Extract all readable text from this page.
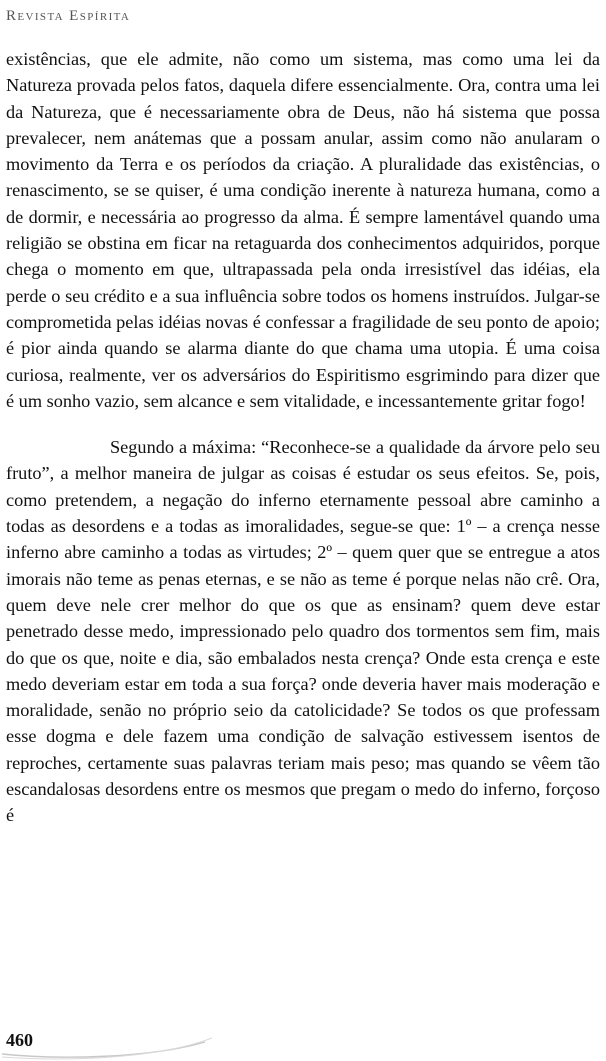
Revista Espírita

existências, que ele admite, não como um sistema, mas como uma lei da Natureza provada pelos fatos, daquela difere essencialmente. Ora, contra uma lei da Natureza, que é necessariamente obra de Deus, não há sistema que possa prevalecer, nem anátemas que a possam anular, assim como não anularam o movimento da Terra e os períodos da criação. A pluralidade das existências, o renascimento, se se quiser, é uma condição inerente à natureza humana, como a de dormir, e necessária ao progresso da alma. É sempre lamentável quando uma religião se obstina em ficar na retaguarda dos conhecimentos adquiridos, porque chega o momento em que, ultrapassada pela onda irresistível das idéias, ela perde o seu crédito e a sua influência sobre todos os homens instruídos. Julgar-se comprometida pelas idéias novas é confessar a fragilidade de seu ponto de apoio; é pior ainda quando se alarma diante do que chama uma utopia. É uma coisa curiosa, realmente, ver os adversários do Espiritismo esgrimindo para dizer que é um sonho vazio, sem alcance e sem vitalidade, e incessantemente gritar fogo!

Segundo a máxima: “Reconhece-se a qualidade da árvore pelo seu fruto”, a melhor maneira de julgar as coisas é estudar os seus efeitos. Se, pois, como pretendem, a negação do inferno eternamente pessoal abre caminho a todas as desordens e a todas as imoralidades, segue-se que: 1º – a crença nesse inferno abre caminho a todas as virtudes; 2º – quem quer que se entregue a atos imorais não teme as penas eternas, e se não as teme é porque nelas não crê. Ora, quem deve nele crer melhor do que os que as ensinam? quem deve estar penetrado desse medo, impressionado pelo quadro dos tormentos sem fim, mais do que os que, noite e dia, são embalados nesta crença? Onde esta crença e este medo deveriam estar em toda a sua força? onde deveria haver mais moderação e moralidade, senão no próprio seio da catolicidade? Se todos os que professam esse dogma e dele fazem uma condição de salvação estivessem isentos de reproches, certamente suas palavras teriam mais peso; mas quando se vêem tão escandalosas desordens entre os mesmos que pregam o medo do inferno, forçoso é

460
